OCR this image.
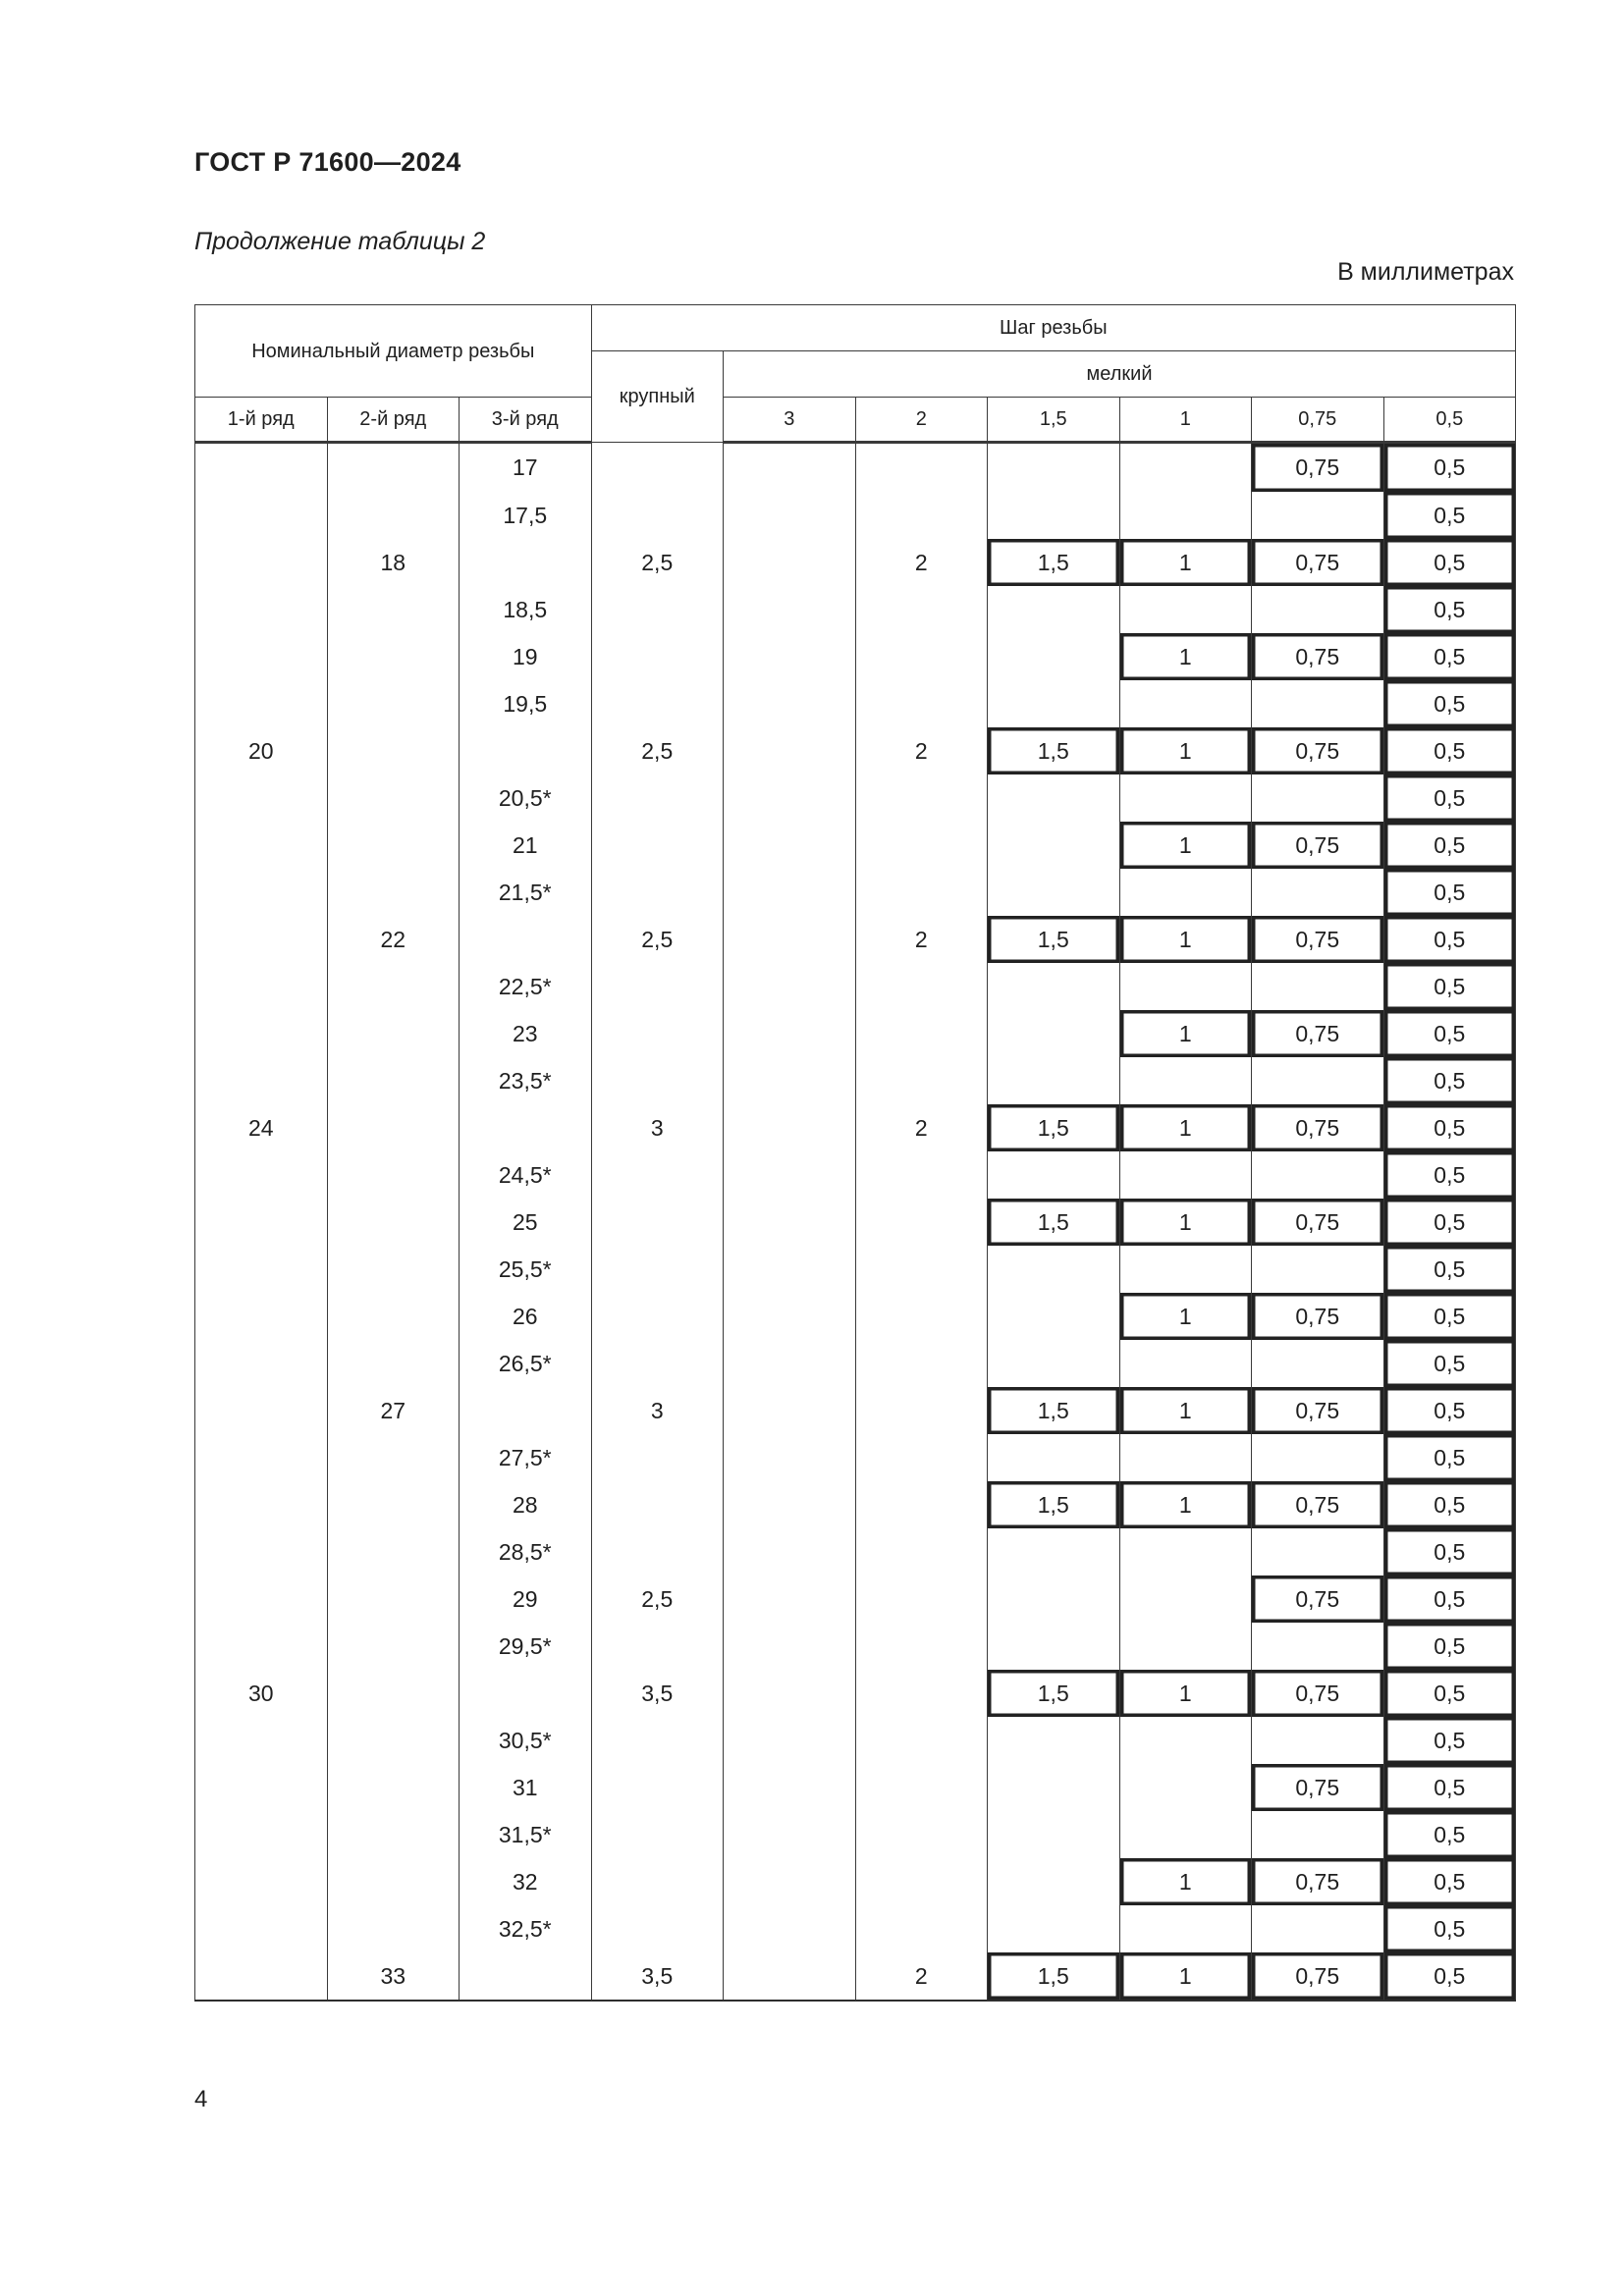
ГОСТ Р 71600—2024
Продолжение таблицы 2
В миллиметрах
Номинальный диаметр резьбы			Шаг резьбы						
			крупный	мелкий					
1-й ряд	2-й ряд	3-й ряд		3	2	1,5	1	0,75	0,5
		17						0,75	0,5
		17,5							0,5
	18		2,5		2	1,5	1	0,75	0,5
		18,5							0,5
		19					1	0,75	0,5
		19,5							0,5
20			2,5		2	1,5	1	0,75	0,5
		20,5*							0,5
		21					1	0,75	0,5
		21,5*							0,5
	22		2,5		2	1,5	1	0,75	0,5
		22,5*							0,5
		23					1	0,75	0,5
		23,5*							0,5
24			3		2	1,5	1	0,75	0,5
		24,5*							0,5
		25				1,5	1	0,75	0,5
		25,5*							0,5
		26					1	0,75	0,5
		26,5*							0,5
	27		3			1,5	1	0,75	0,5
		27,5*							0,5
		28				1,5	1	0,75	0,5
		28,5*							0,5
		29	2,5					0,75	0,5
		29,5*							0,5
30			3,5			1,5	1	0,75	0,5
		30,5*							0,5
		31						0,75	0,5
		31,5*							0,5
		32					1	0,75	0,5
		32,5*							0,5
	33		3,5		2	1,5	1	0,75	0,5
4
